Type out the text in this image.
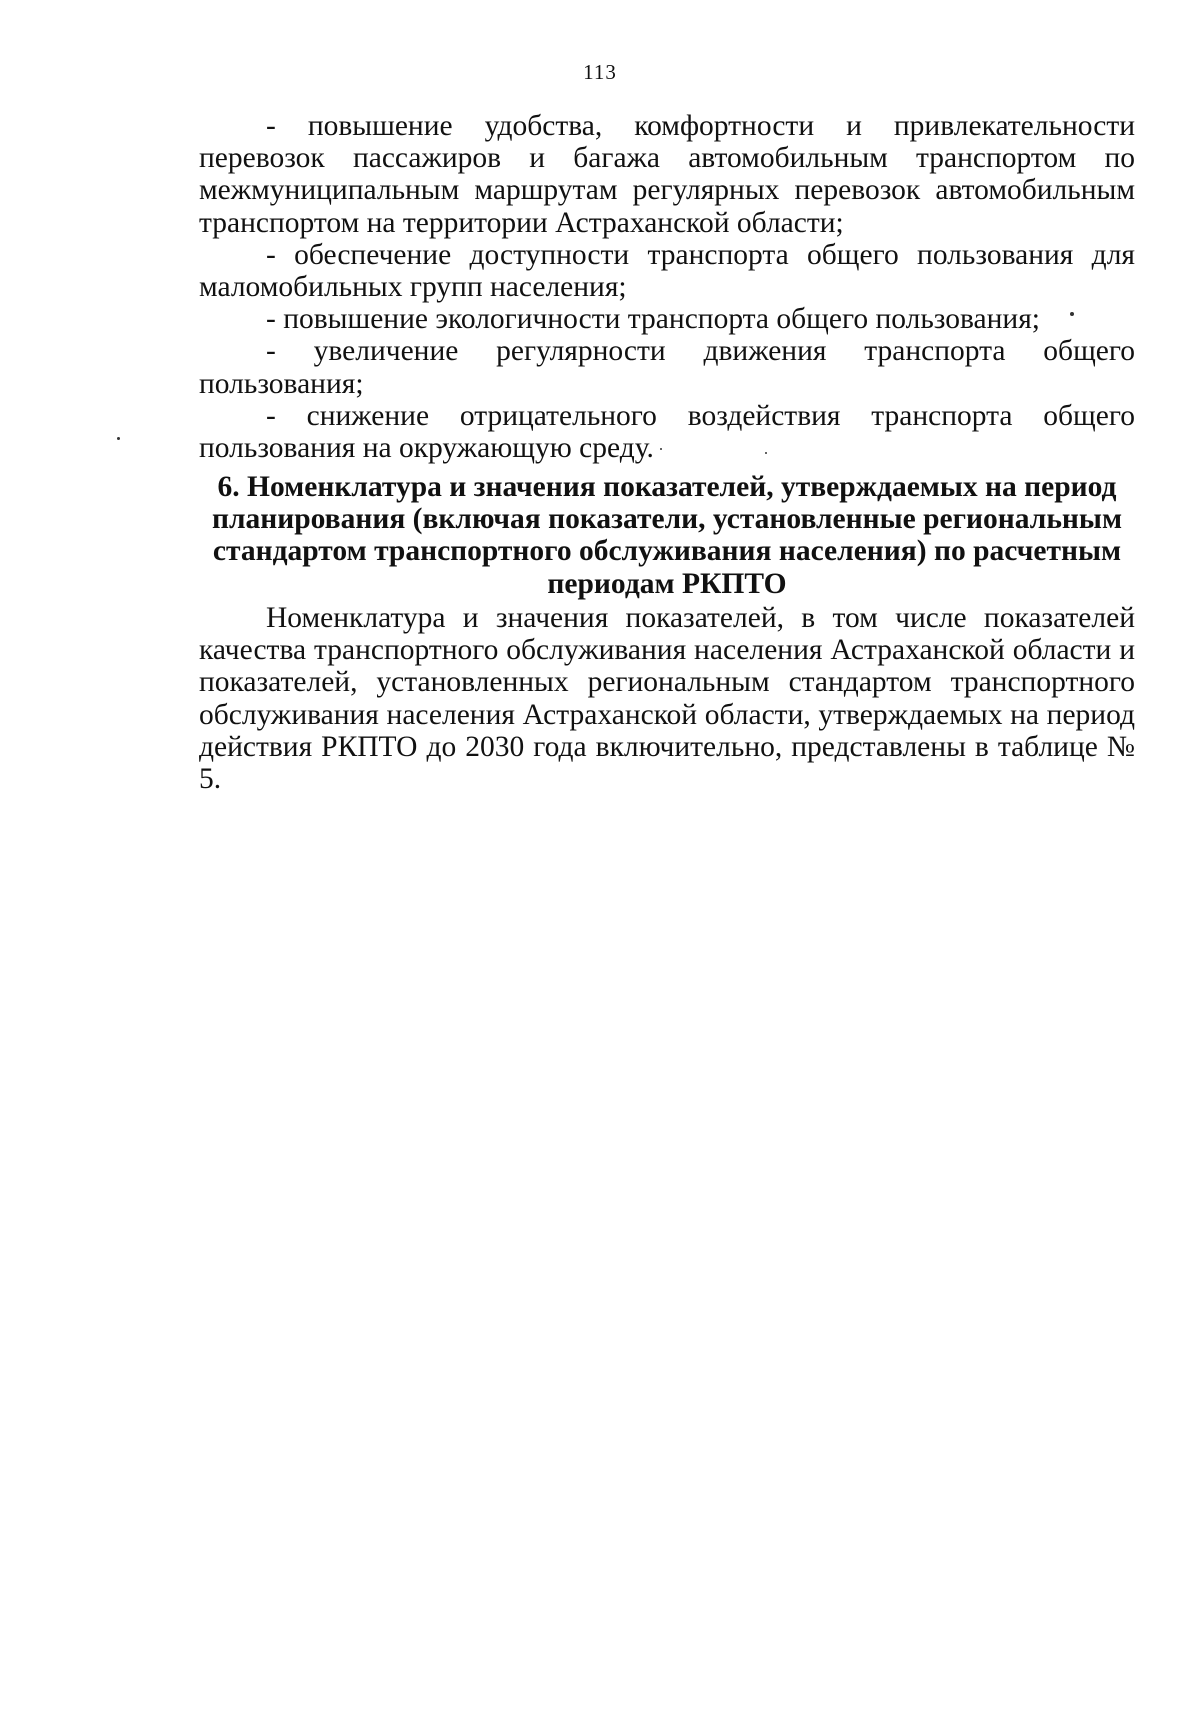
113

- повышение удобства, комфортности и привлекательности перевозок пассажиров и багажа автомобильным транспортом по межмуниципальным маршрутам регулярных перевозок автомобильным транспортом на территории Астраханской области;

- обеспечение доступности транспорта общего пользования для маломобильных групп населения;

- повышение экологичности транспорта общего пользования;

- увеличение регулярности движения транспорта общего пользования;

- снижение отрицательного воздействия транспорта общего пользования на окружающую среду.

6. Номенклатура и значения показателей, утверждаемых на период планирования (включая показатели, установленные региональным стандартом транспортного обслуживания населения) по расчетным периодам РКПТО

Номенклатура и значения показателей, в том числе показателей качества транспортного обслуживания населения Астраханской области и показателей, установленных региональным стандартом транспортного обслуживания населения Астраханской области, утверждаемых на период действия РКПТО до 2030 года включительно, представлены в таблице № 5.
